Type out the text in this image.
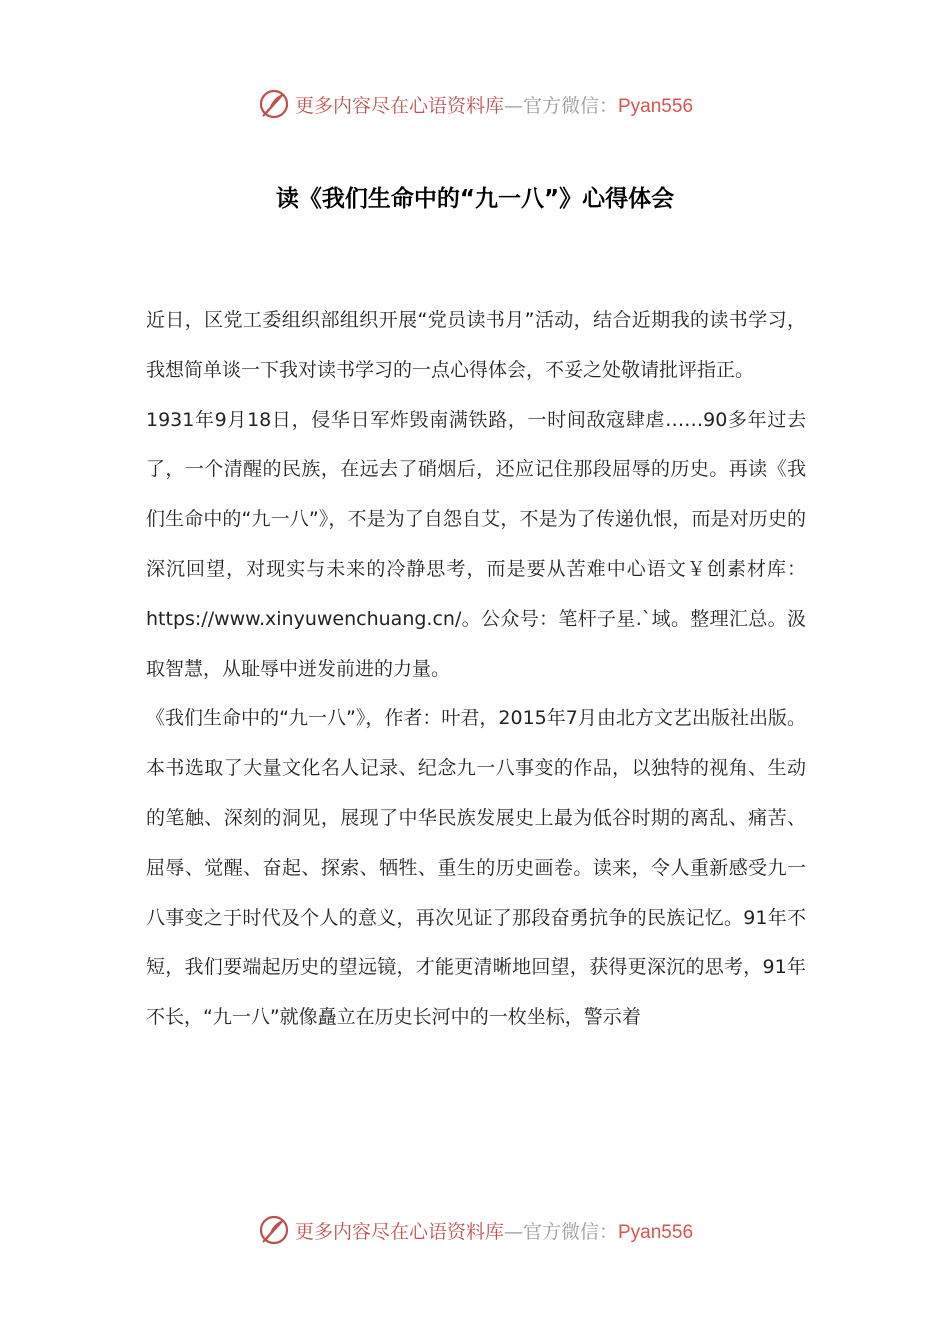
更多内容尽在心语资料库—官方微信：Pyan556
读《我们生命中的“九一八”》心得体会

近日，区党工委组织部组织开展“党员读书月”活动，结合近期我的读书学习，我想简单谈一下我对读书学习的一点心得体会，不妥之处敬请批评指正。

1931年9月18日，侵华日军炸毁南满铁路，一时间敌寇肆虐……90多年过去了，一个清醒的民族，在远去了硝烟后，还应记住那段屈辱的历史。再读《我们生命中的“九一八”》，不是为了自怨自艾，不是为了传递仇恨，而是对历史的深沉回望，对现实与未来的冷静思考，而是要从苦难中心语文￥创素材库：https://www.xinyuwenchuang.cn/。公众号：笔杆子星.`域。整理汇总。汲取智慧，从耻辱中迸发前进的力量。

《我们生命中的“九一八”》，作者：叶君，2015年7月由北方文艺出版社出版。本书选取了大量文化名人记录、纪念九一八事变的作品，以独特的视角、生动的笔触、深刻的洞见，展现了中华民族发展史上最为低谷时期的离乱、痛苦、屈辱、觉醒、奋起、探索、牺牲、重生的历史画卷。读来，令人重新感受九一八事变之于时代及个人的意义，再次见证了那段奋勇抗争的民族记忆。91年不短，我们要端起历史的望远镜，才能更清晰地回望，获得更深沉的思考，91年不长，“九一八”就像矗立在历史长河中的一枚坐标，警示着

更多内容尽在心语资料库—官方微信：Pyan556
